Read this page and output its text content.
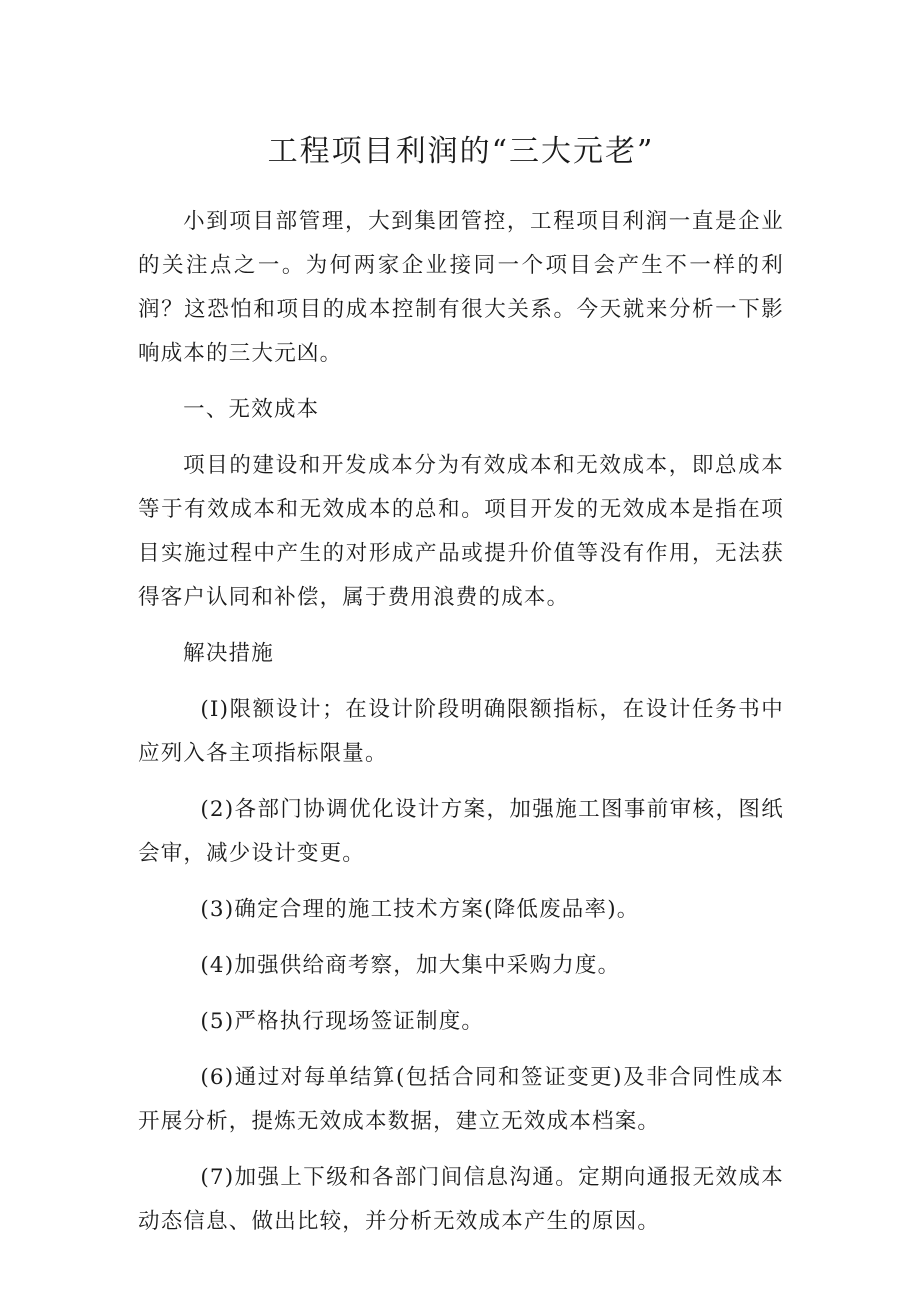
工程项目利润的“三大元老”

小到项目部管理，大到集团管控，工程项目利润一直是企业的关注点之一。为何两家企业接同一个项目会产生不一样的利润？这恐怕和项目的成本控制有很大关系。今天就来分析一下影响成本的三大元凶。

一、无效成本

项目的建设和开发成本分为有效成本和无效成本，即总成本等于有效成本和无效成本的总和。项目开发的无效成本是指在项目实施过程中产生的对形成产品或提升价值等没有作用，无法获得客户认同和补偿，属于费用浪费的成本。

解决措施

(I)限额设计；在设计阶段明确限额指标，在设计任务书中应列入各主项指标限量。

(2)各部门协调优化设计方案，加强施工图事前审核，图纸会审，减少设计变更。

(3)确定合理的施工技术方案(降低废品率)。

(4)加强供给商考察，加大集中采购力度。

(5)严格执行现场签证制度。

(6)通过对每单结算(包括合同和签证变更)及非合同性成本开展分析，提炼无效成本数据，建立无效成本档案。

(7)加强上下级和各部门间信息沟通。定期向通报无效成本动态信息、做出比较，并分析无效成本产生的原因。
